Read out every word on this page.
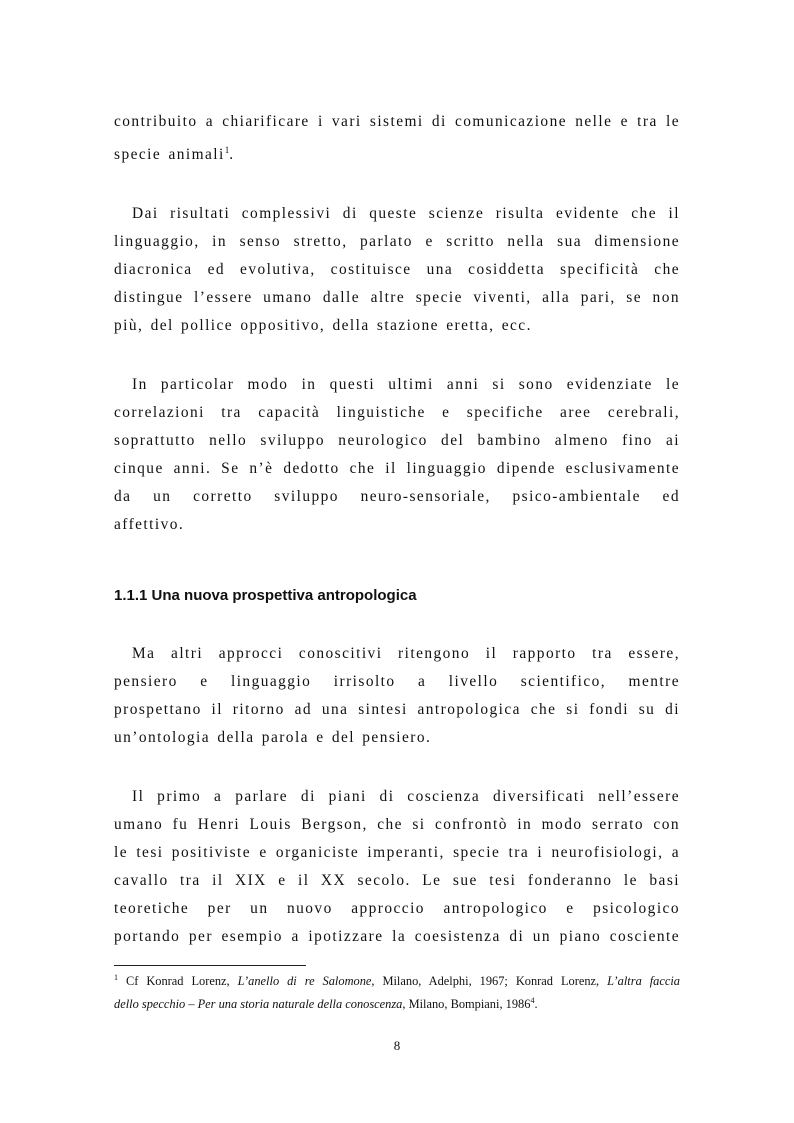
contribuito a chiarificare i vari sistemi di comunicazione nelle e tra le
specie animali$^1$.
Dai risultati complessivi di queste scienze risulta evidente che il
linguaggio, in senso stretto, parlato e scritto nella sua dimensione
diacronica ed evolutiva, costituisce una cosiddetta specificità che
distingue l’essere umano dalle altre specie viventi, alla pari, se non
più, del pollice oppositivo, della stazione eretta, ecc.
In particolar modo in questi ultimi anni si sono evidenziate le
correlazioni tra capacità linguistiche e specifiche aree cerebrali,
soprattutto nello sviluppo neurologico del bambino almeno fino ai
cinque anni. Se n’è dedotto che il linguaggio dipende esclusivamente
da un corretto sviluppo neuro-sensoriale, psico-ambientale ed
affettivo.
1.1.1 Una nuova prospettiva antropologica
Ma altri approcci conoscitivi ritengono il rapporto tra essere,
pensiero e linguaggio irrisolto a livello scientifico, mentre
prospettano il ritorno ad una sintesi antropologica che si fondi su di
un’ontologia della parola e del pensiero.
Il primo a parlare di piani di coscienza diversificati nell’essere
umano fu Henri Louis Bergson, che si confrontò in modo serrato con
le tesi positiviste e organiciste imperanti, specie tra i neurofisiologi, a
cavallo tra il XIX e il XX secolo. Le sue tesi fonderanno le basi
teoretiche per un nuovo approccio antropologico e psicologico
portando per esempio a ipotizzare la coesistenza di un piano cosciente
$^1$ Cf Konrad Lorenz, L’anello di re Salomone, Milano, Adelphi, 1967; Konrad Lorenz, L’altra faccia
dello specchio – Per una storia naturale della conoscenza, Milano, Bompiani, 1986$^4$.
8
